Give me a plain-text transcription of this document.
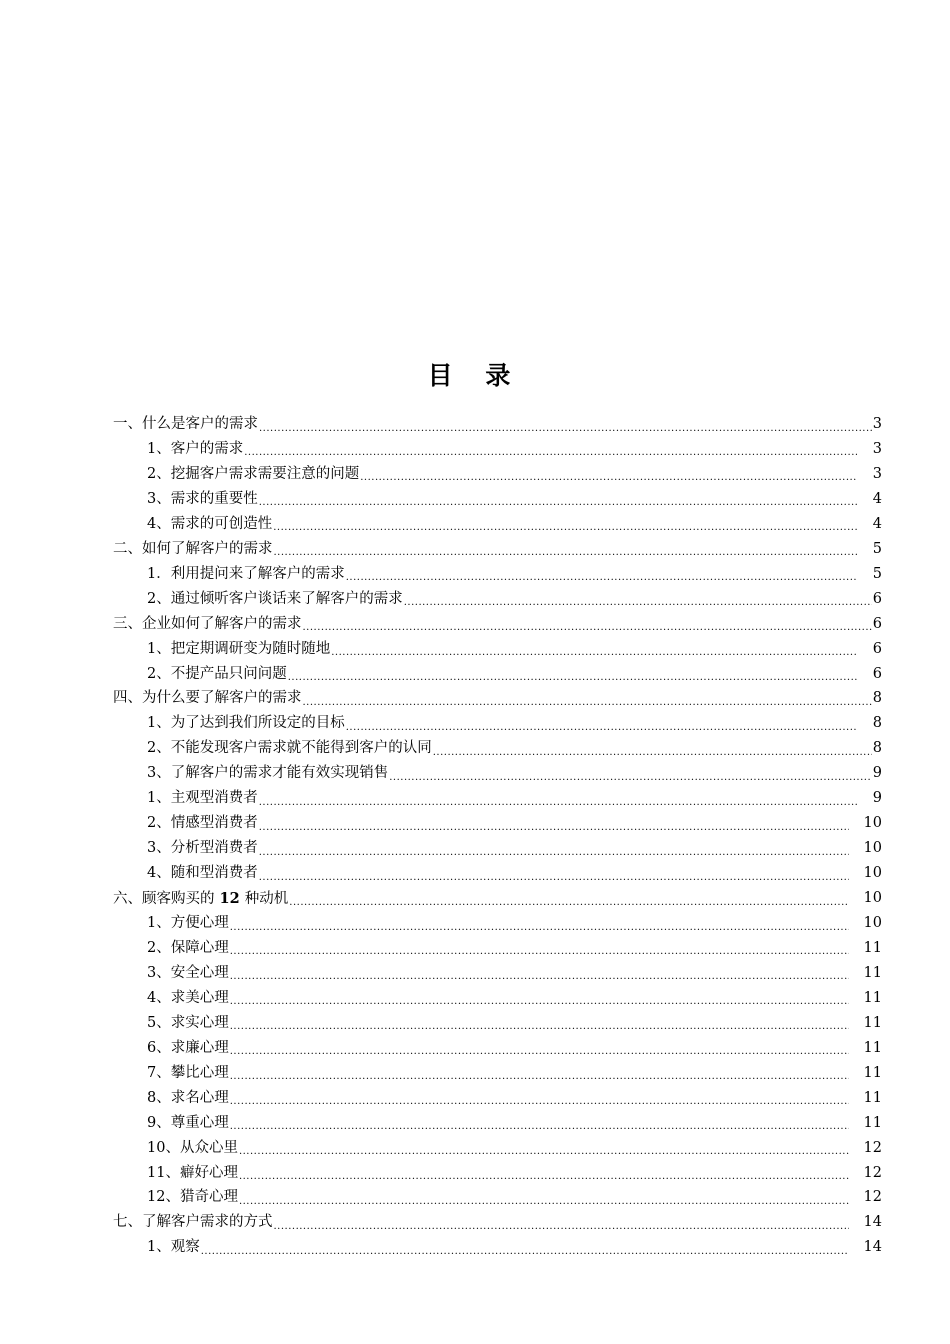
目 录
一、什么是客户的需求 .....	3
1、客户的需求 .....	3
2、挖掘客户需求需要注意的问题 .....	3
3、需求的重要性 .....	4
4、需求的可创造性 .....	4
二、如何了解客户的需求 .....	5
1．利用提问来了解客户的需求 .....	5
2、通过倾听客户谈话来了解客户的需求 .....	6
三、企业如何了解客户的需求 .....	6
1、把定期调研变为随时随地 .....	6
2、不提产品只问问题 .....	6
四、为什么要了解客户的需求 .....	8
1、为了达到我们所设定的目标 .....	8
2、不能发现客户需求就不能得到客户的认同 .....	8
3、了解客户的需求才能有效实现销售 .....	9
1、主观型消费者 .....	9
2、情感型消费者 .....	10
3、分析型消费者 .....	10
4、随和型消费者 .....	10
六、顾客购买的 12 种动机 .....	10
1、方便心理 .....	10
2、保障心理 .....	11
3、安全心理 .....	11
4、求美心理 .....	11
5、求实心理 .....	11
6、求廉心理 .....	11
7、攀比心理 .....	11
8、求名心理 .....	11
9、尊重心理 .....	11
10、从众心里 .....	12
11、癖好心理 .....	12
12、猎奇心理 .....	12
七、了解客户需求的方式 .....	14
1、观察 .....	14
